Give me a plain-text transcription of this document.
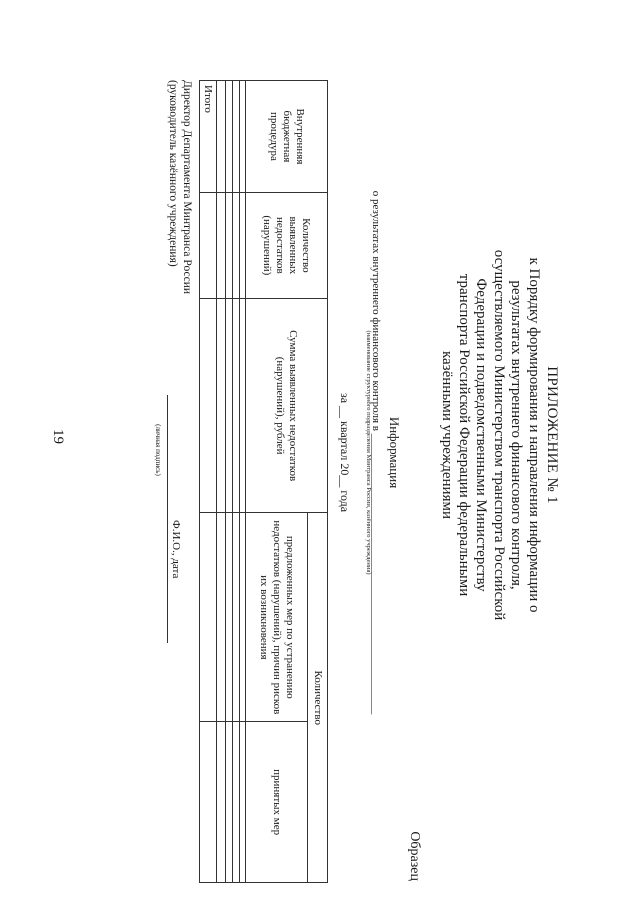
19	ПРИЛОЖЕНИЕ № 1
к Порядку формирования и направления информации о
результатах внутреннего финансового контроля,
осуществляемого Министерством транспорта Российской
Федерации и подведомственными Министерству
транспорта Российской Федерации федеральными
казёнными учреждениями
Образец
Информация
о результатах внутреннего финансового контроля в ___________________________________________________
(наименование структурного подразделения Минтранса России, казённого учреждения)
за __ квартал 20__ года
Внутренняя бюджетная процедура	Количество выявленных недостатков (нарушений)	Сумма выявленных недостатков (нарушений), рублей	Количество	
			предложенных мер по устранению недостатков (нарушений), причин рисков их возникновения	принятых мер

Итого				
Директор Департамента Минтранса России
(руководитель казённого учреждения)
Ф.И.О., дата
(личная подпись)
